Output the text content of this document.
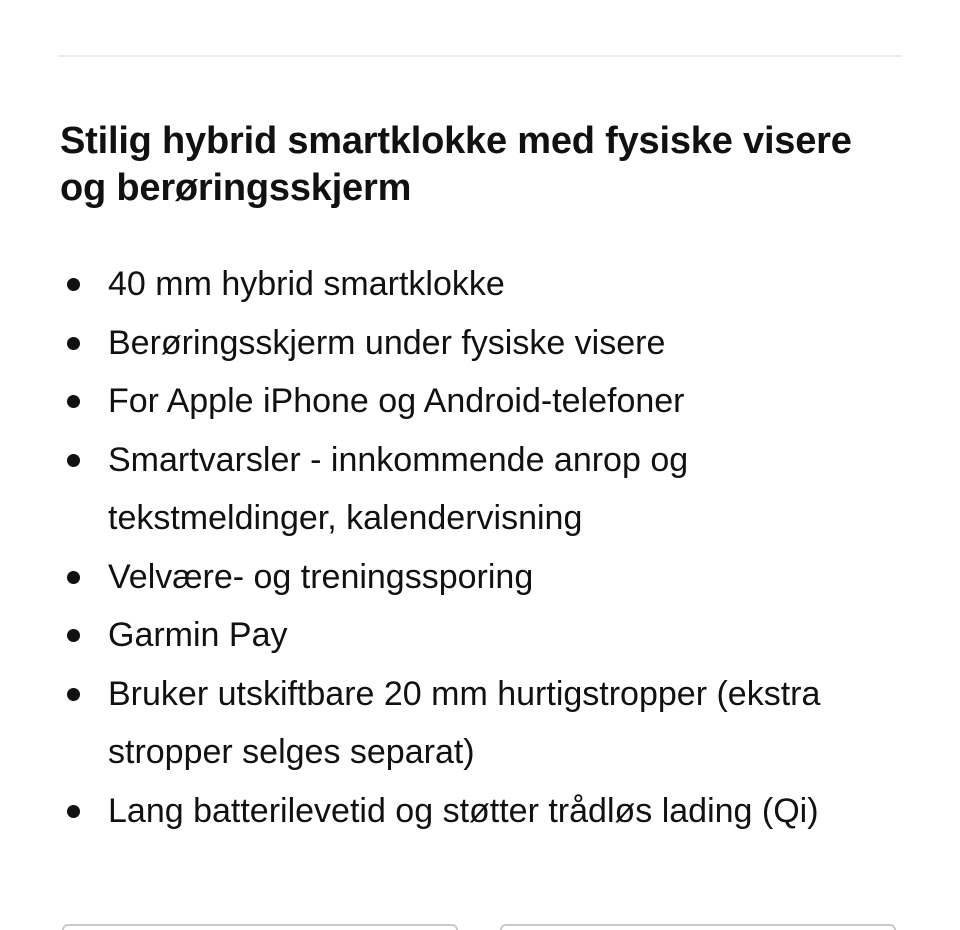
Stilig hybrid smartklokke med fysiske visere og berøringsskjerm
40 mm hybrid smartklokke
Berøringsskjerm under fysiske visere
For Apple iPhone og Android-telefoner
Smartvarsler - innkommende anrop og tekstmeldinger, kalendervisning
Velvære- og treningssporing
Garmin Pay
Bruker utskiftbare 20 mm hurtigstropper (ekstra stropper selges separat)
Lang batterilevetid og støtter trådløs lading (Qi)
